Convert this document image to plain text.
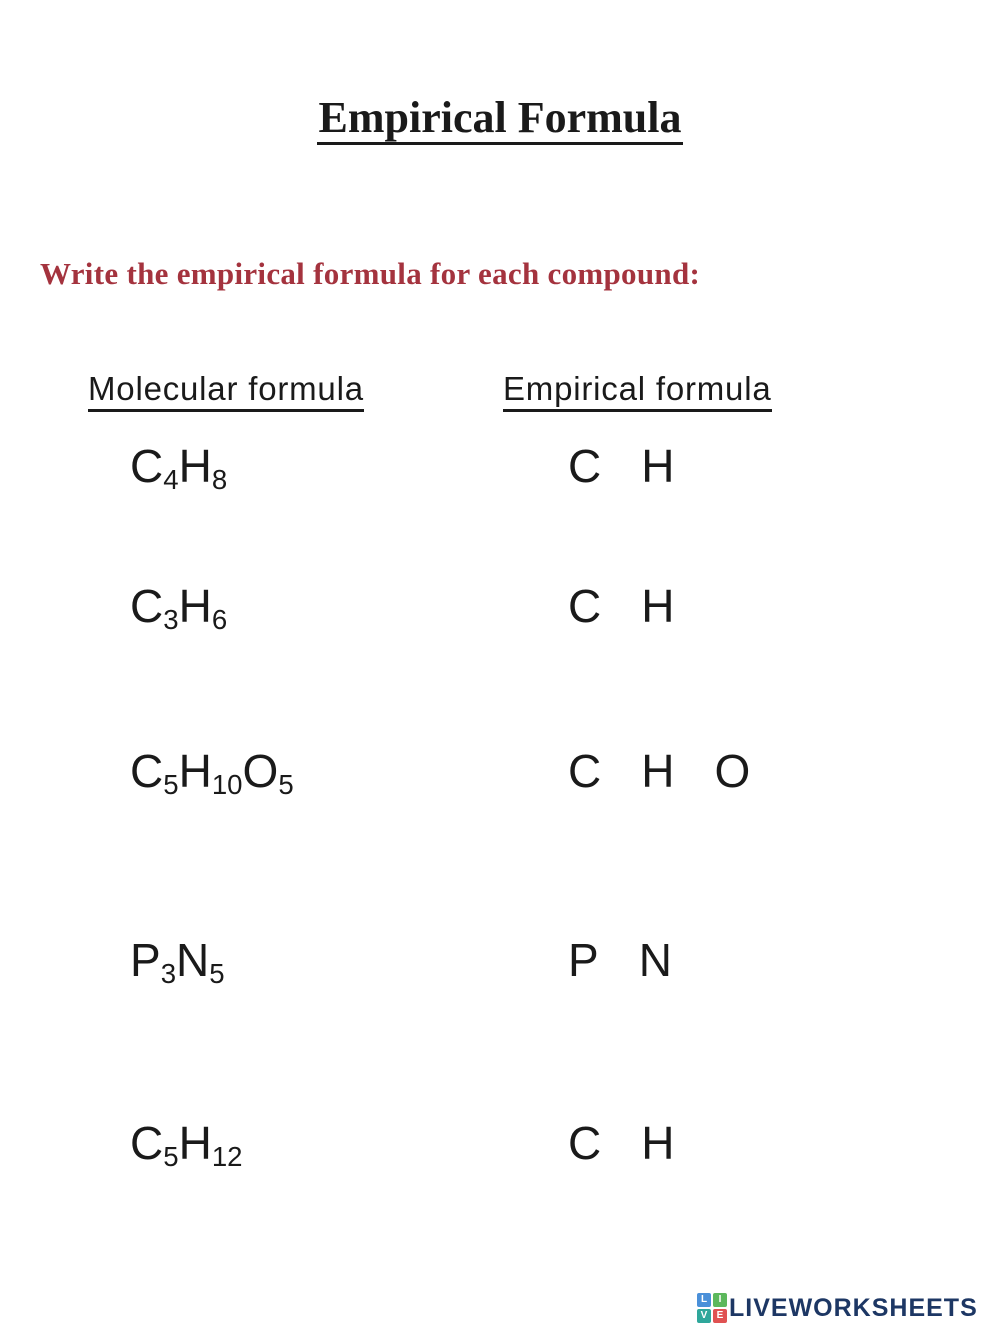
Empirical Formula
Write the empirical formula for each compound:
Molecular formula	Empirical formula
$C_4H_8$	C H
$C_3H_6$	C H
$C_5H_{10}O_5$	C H O
$P_3N_5$	P N
$C_5H_{12}$	C H
L	I
V E LIVEWORKSHEETS
